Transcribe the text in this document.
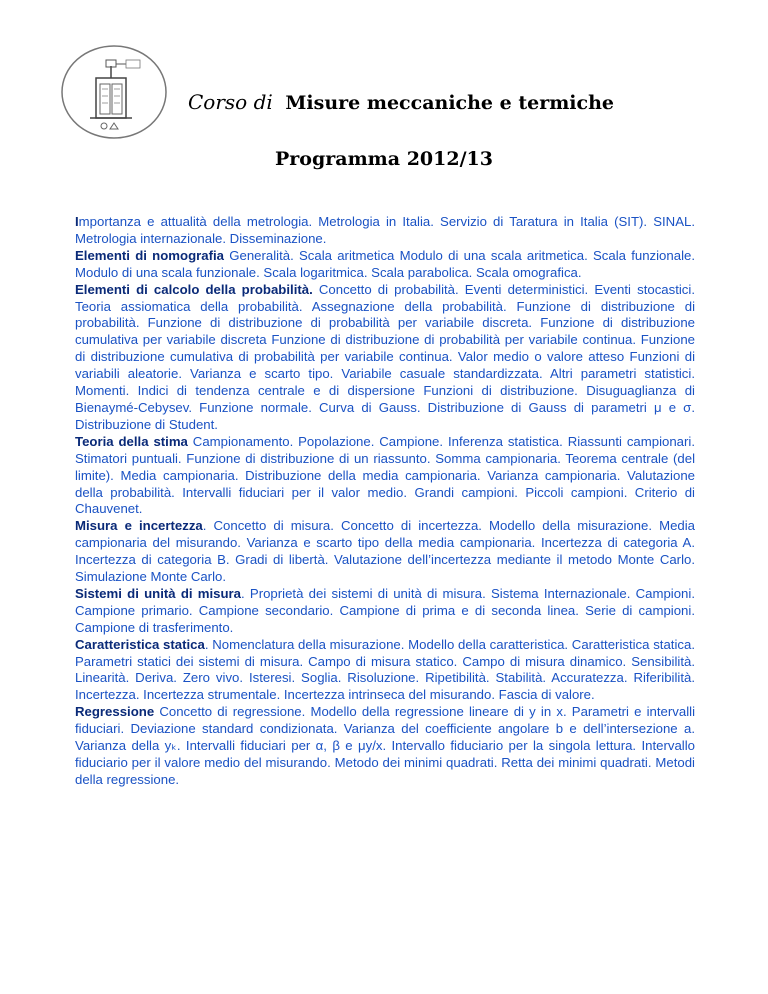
Corso di Misure meccaniche e termiche
Programma 2012/13

Importanza e attualità della metrologia. Metrologia in Italia. Servizio di Taratura in Italia (SIT). SINAL. Metrologia internazionale. Disseminazione.

Elementi di nomografia Generalità. Scala aritmetica Modulo di una scala aritmetica. Scala funzionale. Modulo di una scala funzionale. Scala logaritmica. Scala parabolica. Scala omografica.

Elementi di calcolo della probabilità. Concetto di probabilità. Eventi deterministici. Eventi stocastici. Teoria assiomatica della probabilità. Assegnazione della probabilità. Funzione di distribuzione di probabilità. Funzione di distribuzione di probabilità per variabile discreta. Funzione di distribuzione cumulativa per variabile discreta Funzione di distribuzione di probabilità per variabile continua. Funzione di distribuzione cumulativa di probabilità per variabile continua. Valor medio o valore atteso Funzioni di variabili aleatorie. Varianza e scarto tipo. Variabile casuale standardizzata. Altri parametri statistici. Momenti. Indici di tendenza centrale e di dispersione Funzioni di distribuzione. Disuguaglianza di Bienaymé-Cebysev. Funzione normale. Curva di Gauss. Distribuzione di Gauss di parametri μ e σ. Distribuzione di Student.

Teoria della stima Campionamento. Popolazione. Campione. Inferenza statistica. Riassunti campionari. Stimatori puntuali. Funzione di distribuzione di un riassunto. Somma campionaria. Teorema centrale (del limite). Media campionaria. Distribuzione della media campionaria. Varianza campionaria. Valutazione della probabilità. Intervalli fiduciari per il valor medio. Grandi campioni. Piccoli campioni. Criterio di Chauvenet.

Misura e incertezza. Concetto di misura. Concetto di incertezza. Modello della misurazione. Media campionaria del misurando. Varianza e scarto tipo della media campionaria. Incertezza di categoria A. Incertezza di categoria B. Gradi di libertà. Valutazione dell’incertezza mediante il metodo Monte Carlo. Simulazione Monte Carlo.

Sistemi di unità di misura. Proprietà dei sistemi di unità di misura. Sistema Internazionale. Campioni. Campione primario. Campione secondario. Campione di prima e di seconda linea. Serie di campioni. Campione di trasferimento.

Caratteristica statica. Nomenclatura della misurazione. Modello della caratteristica. Caratteristica statica. Parametri statici dei sistemi di misura. Campo di misura statico. Campo di misura dinamico. Sensibilità. Linearità. Deriva. Zero vivo. Isteresi. Soglia. Risoluzione. Ripetibilità. Stabilità. Accuratezza. Riferibilità. Incertezza. Incertezza strumentale. Incertezza intrinseca del misurando. Fascia di valore.

Regressione Concetto di regressione. Modello della regressione lineare di y in x. Parametri e intervalli fiduciari. Deviazione standard condizionata. Varianza del coefficiente angolare b e dell’intersezione a. Varianza della yₖ. Intervalli fiduciari per α, β e μy/x. Intervallo fiduciario per la singola lettura. Intervallo fiduciario per il valore medio del misurando. Metodo dei minimi quadrati. Retta dei minimi quadrati. Metodi della regressione.
